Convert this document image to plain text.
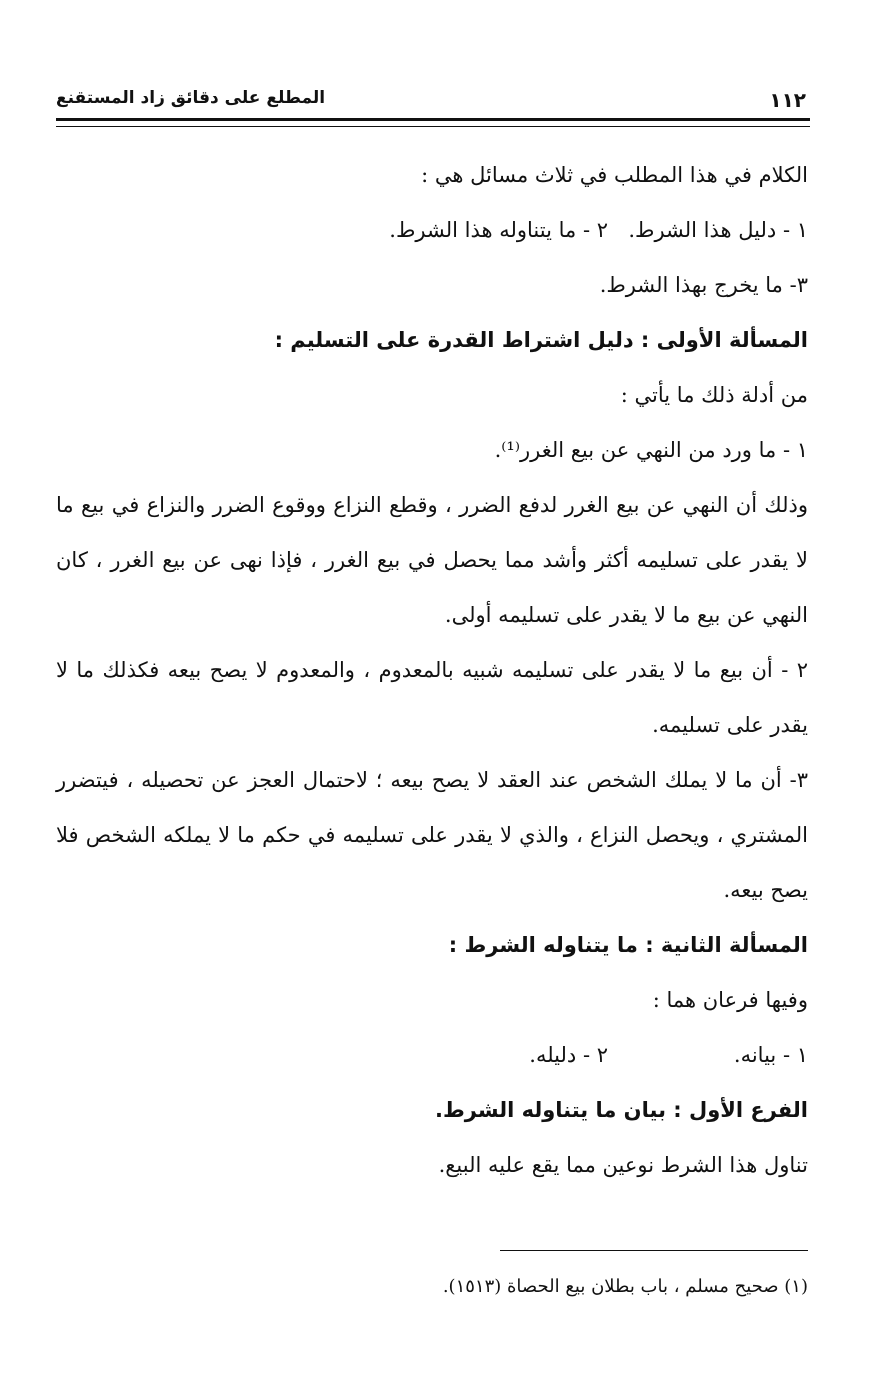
١١٢
المطلع على دقائق زاد المستقنع

الكلام في هذا المطلب في ثلاث مسائل هي :

١ - دليل هذا الشرط.
٢ - ما يتناوله هذا الشرط.

٣- ما يخرج بهذا الشرط.

المسألة الأولى : دليل اشتراط القدرة على التسليم :

من أدلة ذلك ما يأتي :

١ - ما ورد من النهي عن بيع الغرر⁽¹⁾.

وذلك أن النهي عن بيع الغرر لدفع الضرر ، وقطع النزاع ووقوع الضرر والنزاع في بيع ما لا يقدر على تسليمه أكثر وأشد مما يحصل في بيع الغرر ، فإذا نهى عن بيع الغرر ، كان النهي عن بيع ما لا يقدر على تسليمه أولى.

٢ - أن بيع ما لا يقدر على تسليمه شبيه بالمعدوم ، والمعدوم لا يصح بيعه فكذلك ما لا يقدر على تسليمه.

٣- أن ما لا يملك الشخص عند العقد لا يصح بيعه ؛ لاحتمال العجز عن تحصيله ، فيتضرر المشتري ، ويحصل النزاع ، والذي لا يقدر على تسليمه في حكم ما لا يملكه الشخص فلا يصح بيعه.

المسألة الثانية : ما يتناوله الشرط :

وفيها فرعان هما :

١ - بيانه.
٢ - دليله.

الفرع الأول : بيان ما يتناوله الشرط.

تناول هذا الشرط نوعين مما يقع عليه البيع.

(١) صحيح مسلم ، باب بطلان بيع الحصاة (١٥١٣).
